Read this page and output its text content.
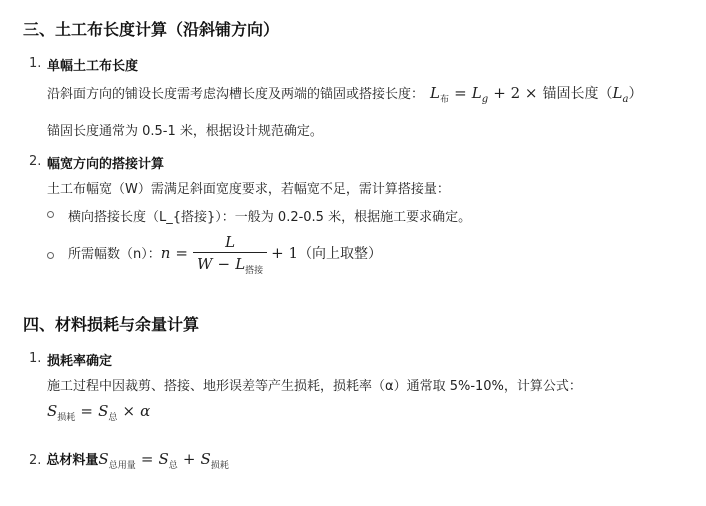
三、土工布长度计算（沿斜铺方向）
1. 单幅土工布长度
沿斜面方向的铺设长度需考虑沟槽长度及两端的锚固或搭接长度： $L_布 = L_g + 2$ × 锚固长度$(L_a)$
锚固长度通常为 0.5-1 米，根据设计规范确定。
2. 幅宽方向的搭接计算
土工布幅宽（W）需满足斜面宽度要求，若幅宽不足，需计算搭接量：
横向搭接长度（L_{搭接}）：一般为 0.2-0.5 米，根据施工要求确定。
所需幅数（n）： $n = \frac{L}{W - L_{搭接}} + 1$ （向上取整）
四、材料损耗与余量计算
1. 损耗率确定
施工过程中因裁剪、搭接、地形误差等产生损耗，损耗率（α）通常取 5%-10%，计算公式：
$S_{损耗} = S_总 \times \alpha$
2. 总材料量 $S_{总用量} = S_总 + S_{损耗}$
